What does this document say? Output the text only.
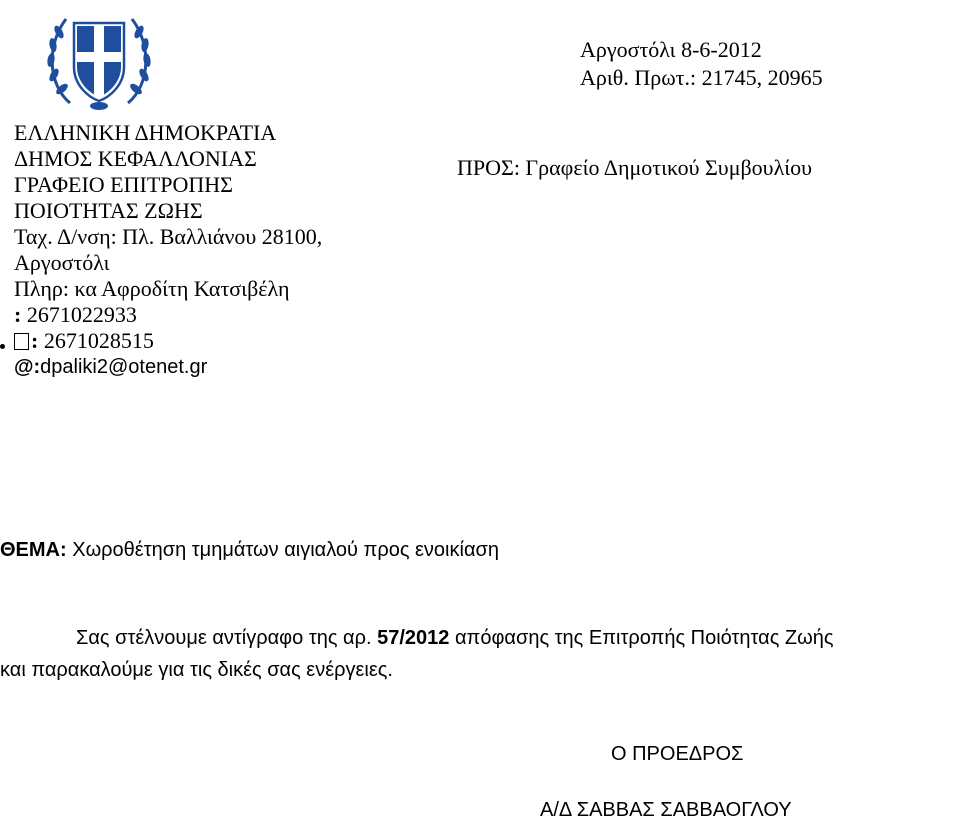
ΕΛΛΗΝΙΚΗ ΔΗΜΟΚΡΑΤΙΑ
ΔΗΜΟΣ ΚΕΦΑΛΛΟΝΙΑΣ
ΓΡΑΦΕΙΟ ΕΠΙΤΡΟΠΗΣ
ΠΟΙΟΤΗΤΑΣ ΖΩΗΣ
Ταχ. Δ/νση: Πλ. Βαλλιάνου 28100,
Αργοστόλι
Πληρ: κα Αφροδίτη Κατσιβέλη
: 2671022933
: 2671028515
@:dpaliki2@otenet.gr
Αργοστόλι 8-6-2012
Αριθ. Πρωτ.: 21745, 20965
ΠΡΟΣ: Γραφείο Δημοτικού Συμβουλίου
ΘΕΜΑ: Χωροθέτηση τμημάτων αιγιαλού προς ενοικίαση
Σας στέλνουμε αντίγραφο της αρ. 57/2012 απόφασης της Επιτροπής Ποιότητας Ζωής
και παρακαλούμε για τις δικές σας ενέργειες.
Ο ΠΡΟΕΔΡΟΣ
Α/Δ ΣΑΒΒΑΣ ΣΑΒΒΑΟΓΛΟΥ
